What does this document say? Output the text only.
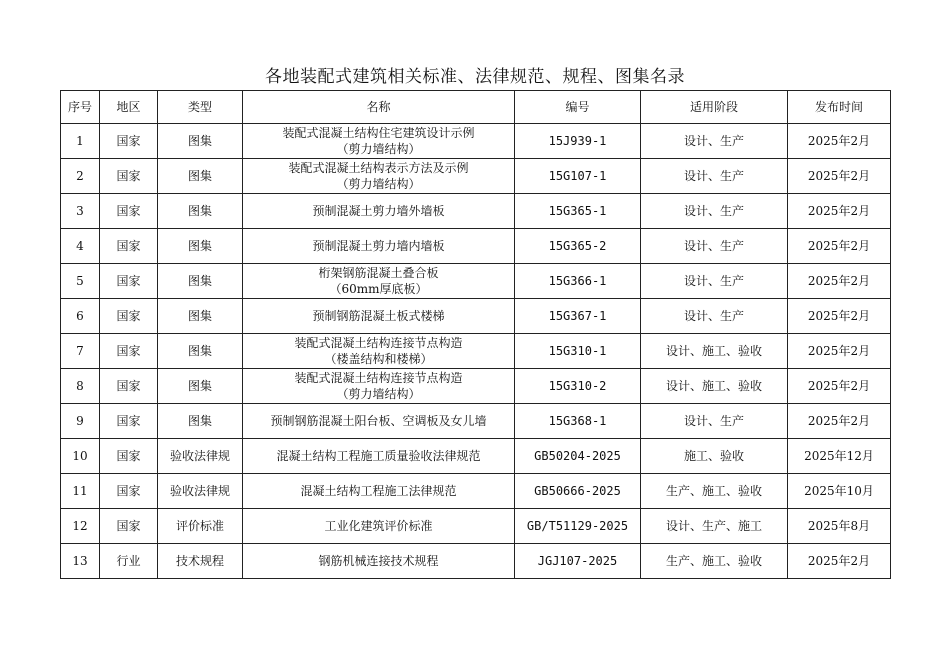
各地装配式建筑相关标准、法律规范、规程、图集名录
序号	地区	类型	名称	编号	适用阶段	发布时间
1	国家	图集	装配式混凝土结构住宅建筑设计示例
（剪力墙结构）	15J939-1	设计、生产	2025年2月
2	国家	图集	装配式混凝土结构表示方法及示例
（剪力墙结构）	15G107-1	设计、生产	2025年2月
3	国家	图集	预制混凝土剪力墙外墙板	15G365-1	设计、生产	2025年2月
4	国家	图集	预制混凝土剪力墙内墙板	15G365-2	设计、生产	2025年2月
5	国家	图集	桁架钢筋混凝土叠合板
（60mm厚底板）	15G366-1	设计、生产	2025年2月
6	国家	图集	预制钢筋混凝土板式楼梯	15G367-1	设计、生产	2025年2月
7	国家	图集	装配式混凝土结构连接节点构造
（楼盖结构和楼梯）	15G310-1	设计、施工、验收	2025年2月
8	国家	图集	装配式混凝土结构连接节点构造
（剪力墙结构）	15G310-2	设计、施工、验收	2025年2月
9	国家	图集	预制钢筋混凝土阳台板、空调板及女儿墙	15G368-1	设计、生产	2025年2月
10	国家	验收法律规	混凝土结构工程施工质量验收法律规范	GB50204-2025	施工、验收	2025年12月
11	国家	验收法律规	混凝土结构工程施工法律规范	GB50666-2025	生产、施工、验收	2025年10月
12	国家	评价标准	工业化建筑评价标准	GB/T51129-2025	设计、生产、施工	2025年8月
13	行业	技术规程	钢筋机械连接技术规程	JGJ107-2025	生产、施工、验收	2025年2月
